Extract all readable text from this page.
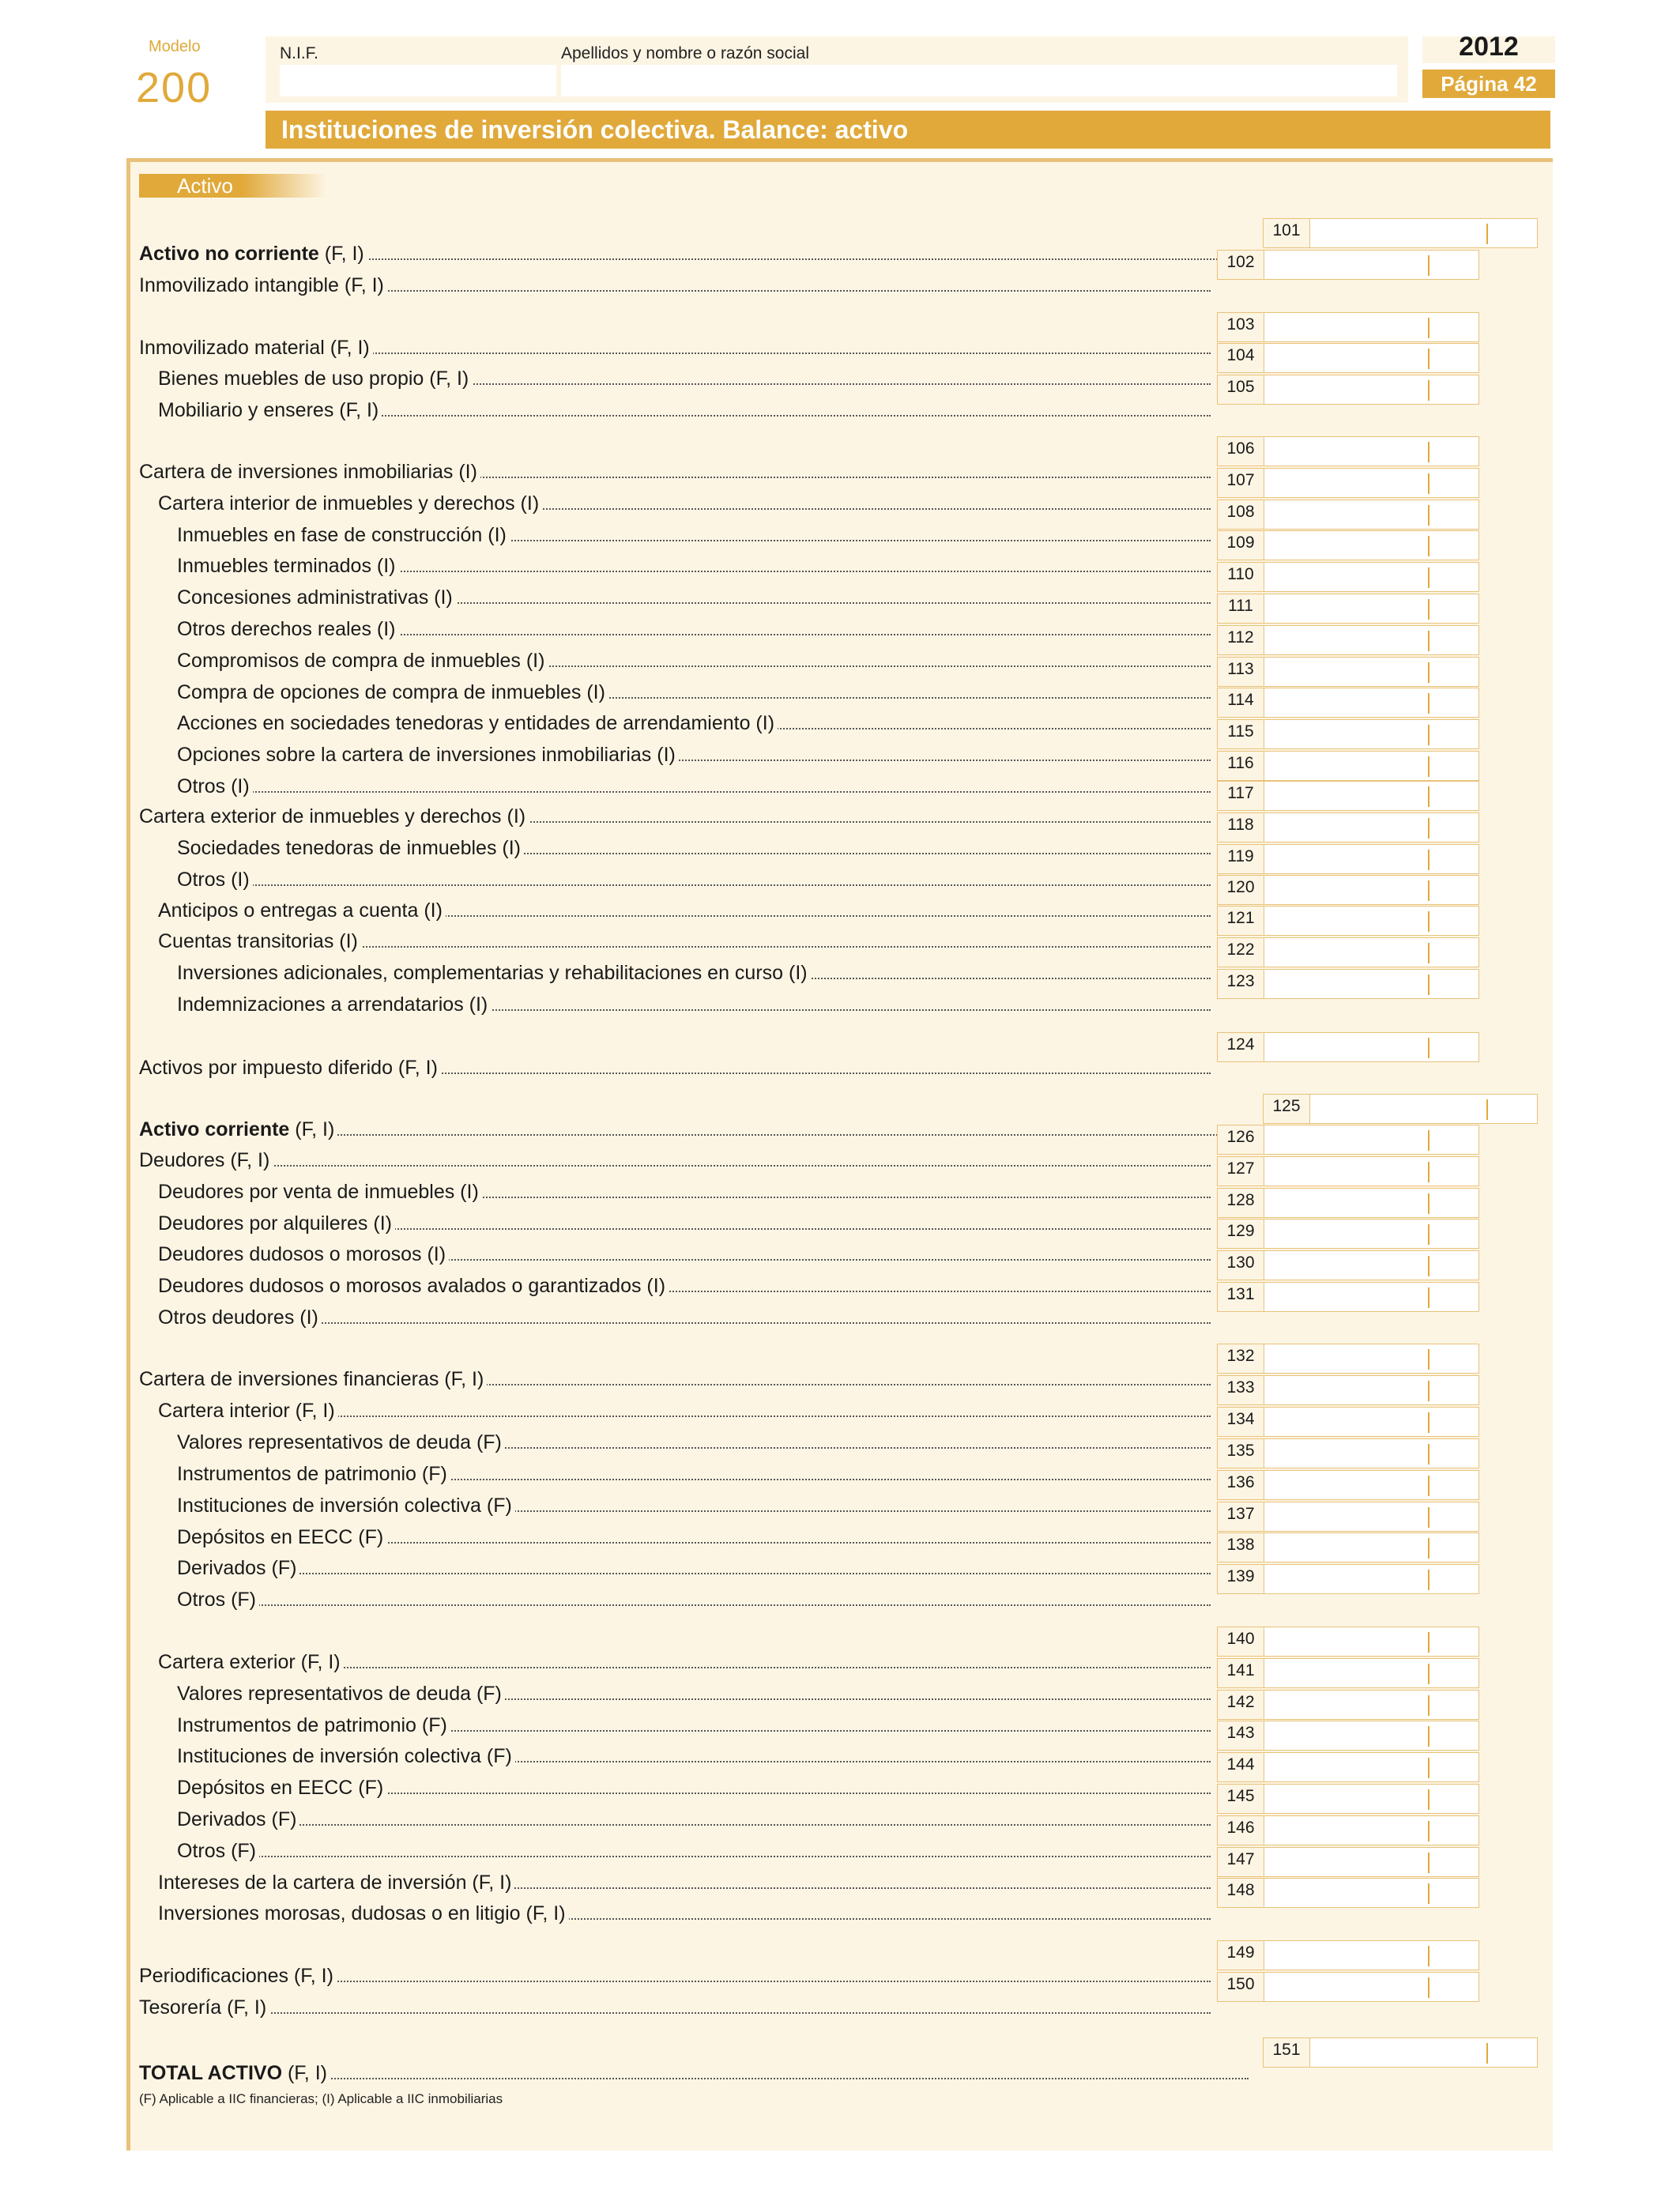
Modelo
200
N.I.F.	Apellidos y nombre o razón social	2012
Página 42
Instituciones de inversión colectiva. Balance: activo
Activo
Activo no corriente (F, I)
101
Inmovilizado intangible (F, I)
102
Inmovilizado material (F, I)
103
Bienes muebles de uso propio (F, I)
104
Mobiliario y enseres (F, I)
105
Cartera de inversiones inmobiliarias (I)
106
Cartera interior de inmuebles y derechos (I)
107
Inmuebles en fase de construcción (I)
108
Inmuebles terminados (I)
109
Concesiones administrativas (I)
110
Otros derechos reales (I)
111
Compromisos de compra de inmuebles (I)
112
Compra de opciones de compra de inmuebles (I)
113
Acciones en sociedades tenedoras y entidades de arrendamiento (I)
114
Opciones sobre la cartera de inversiones inmobiliarias (I)
115
Otros (I)
116
Cartera exterior de inmuebles y derechos (I)
117
Sociedades tenedoras de inmuebles (I)
118
Otros (I)
119
Anticipos o entregas a cuenta (I)
120
Cuentas transitorias (I)
121
Inversiones adicionales, complementarias y rehabilitaciones en curso (I)
122
Indemnizaciones a arrendatarios (I)
123
Activos por impuesto diferido (F, I)
124
Activo corriente (F, I)
125
Deudores (F, I)
126
Deudores por venta de inmuebles (I)
127
Deudores por alquileres (I)
128
Deudores dudosos o morosos (I)
129
Deudores dudosos o morosos avalados o garantizados (I)
130
Otros deudores (I)
131
Cartera de inversiones financieras (F, I)
132
Cartera interior (F, I)
133
Valores representativos de deuda (F)
134
Instrumentos de patrimonio (F)
135
Instituciones de inversión colectiva (F)
136
Depósitos en EECC (F)
137
Derivados (F)
138
Otros (F)
139
Cartera exterior (F, I)
140
Valores representativos de deuda (F)
141
Instrumentos de patrimonio (F)
142
Instituciones de inversión colectiva (F)
143
Depósitos en EECC (F)
144
Derivados (F)
145
Otros (F)
146
Intereses de la cartera de inversión (F, I)
147
Inversiones morosas, dudosas o en litigio (F, I)
148
Periodificaciones (F, I)
149
Tesorería (F, I)
150
TOTAL ACTIVO (F, I)
151
(F) Aplicable a IIC financieras; (I) Aplicable a IIC inmobiliarias
